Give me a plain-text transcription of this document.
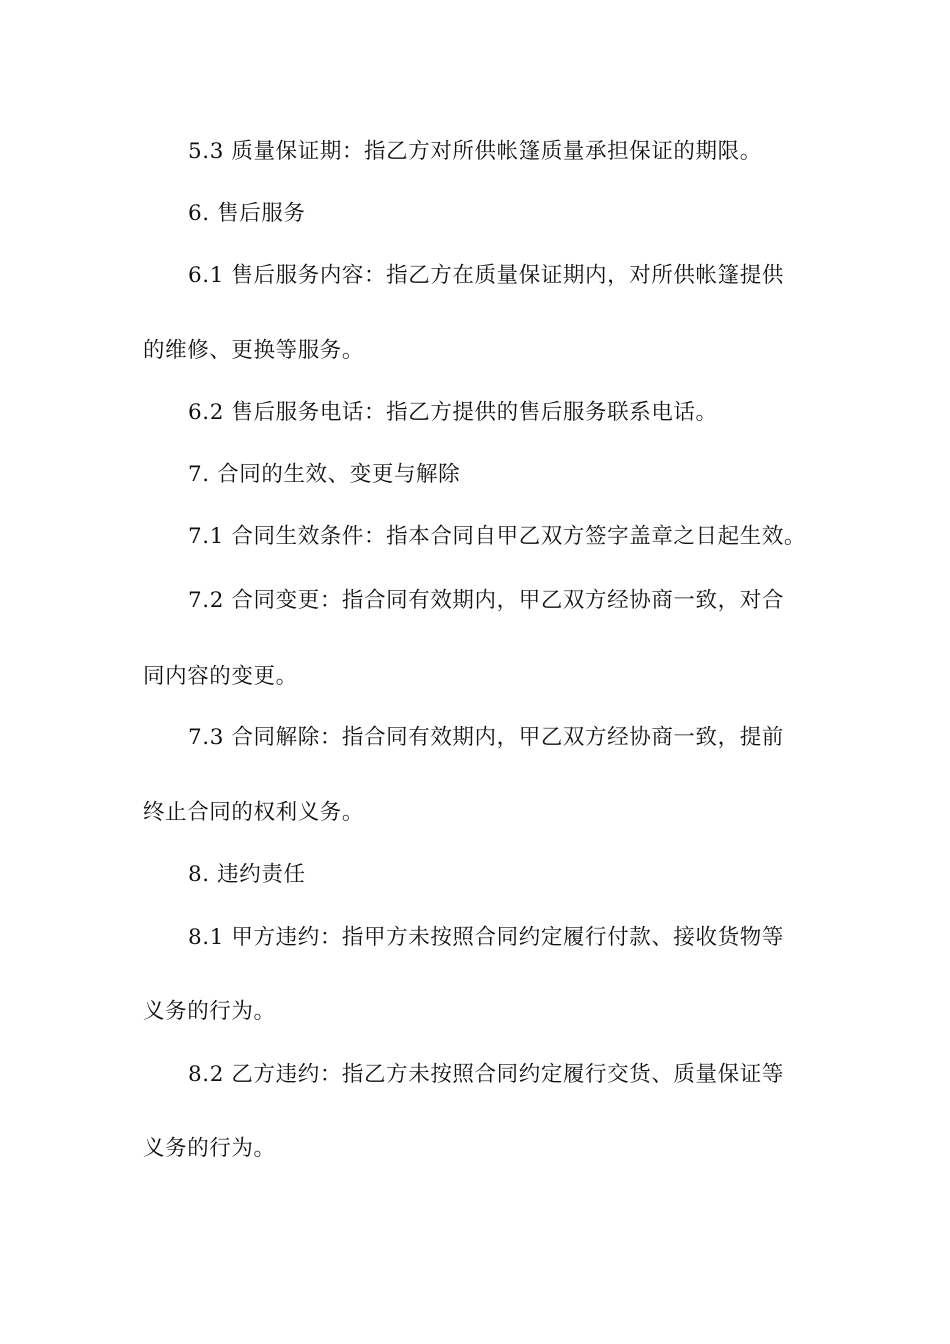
5.3 质量保证期：指乙方对所供帐篷质量承担保证的期限。
6. 售后服务
6.1 售后服务内容：指乙方在质量保证期内，对所供帐篷提供
的维修、更换等服务。
6.2 售后服务电话：指乙方提供的售后服务联系电话。
7. 合同的生效、变更与解除
7.1 合同生效条件：指本合同自甲乙双方签字盖章之日起生效。
7.2 合同变更：指合同有效期内，甲乙双方经协商一致，对合
同内容的变更。
7.3 合同解除：指合同有效期内，甲乙双方经协商一致，提前
终止合同的权利义务。
8. 违约责任
8.1 甲方违约：指甲方未按照合同约定履行付款、接收货物等
义务的行为。
8.2 乙方违约：指乙方未按照合同约定履行交货、质量保证等
义务的行为。
